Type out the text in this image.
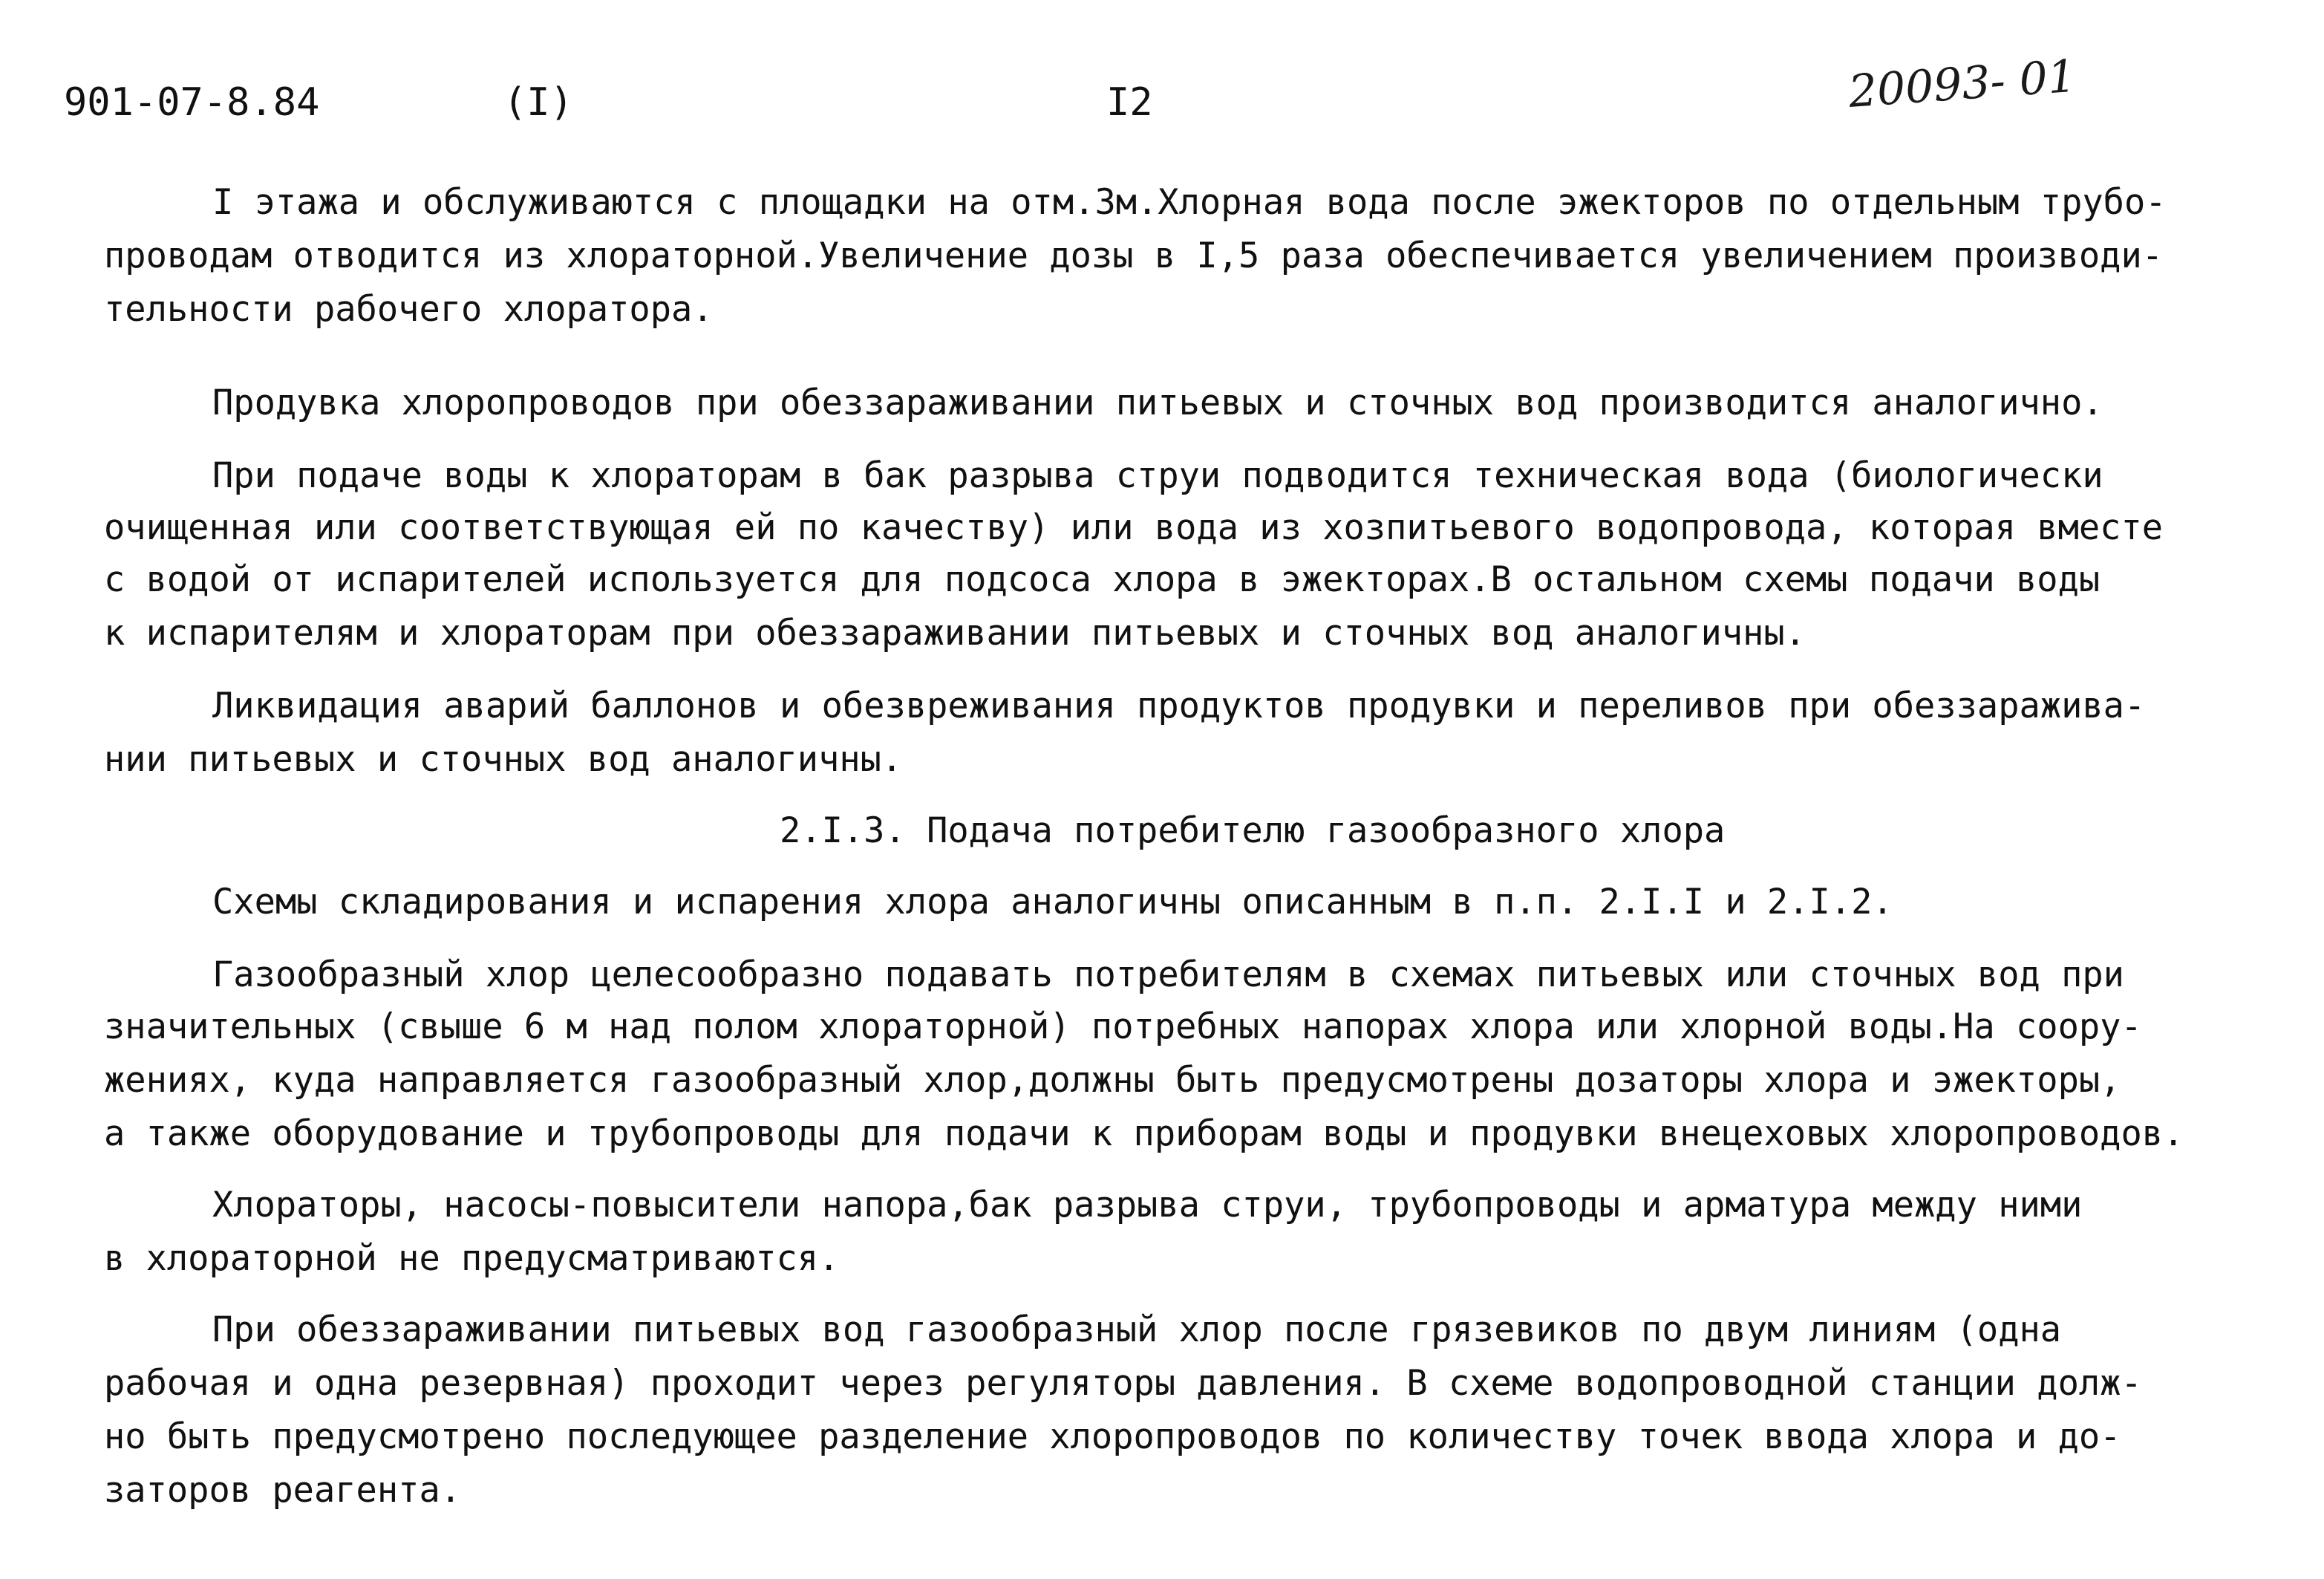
901-07-8.84	(I)	I2	20093- 01

I этажа и обслуживаются с площадки на отм.3м.Хлорная вода после эжекторов по отдельным трубо-

проводам отводится из хлораторной.Увеличение дозы в I,5 раза обеспечивается увеличением производи-

тельности рабочего хлоратора.

Продувка хлоропроводов при обеззараживании питьевых и сточных вод производится аналогично.

При подаче воды к хлораторам в бак разрыва струи подводится техническая вода (биологически

очищенная или соответствующая ей по качеству) или вода из хозпитьевого водопровода, которая вместе

с водой от испарителей используется для подсоса хлора в эжекторах.В остальном схемы подачи воды

к испарителям и хлораторам при обеззараживании питьевых и сточных вод аналогичны.

Ликвидация аварий баллонов и обезвреживания продуктов продувки и переливов при обеззаражива-

нии питьевых и сточных вод аналогичны.

2.I.3. Подача потребителю газообразного хлора

Схемы складирования и испарения хлора аналогичны описанным в п.п. 2.I.I и 2.I.2.

Газообразный хлор целесообразно подавать потребителям в схемах питьевых или сточных вод при

значительных (свыше 6 м над полом хлораторной) потребных напорах хлора или хлорной воды.На соору-

жениях, куда направляется газообразный хлор,должны быть предусмотрены дозаторы хлора и эжекторы,

а также оборудование и трубопроводы для подачи к приборам воды и продувки внецеховых хлоропроводов.

Хлораторы, насосы-повысители напора,бак разрыва струи, трубопроводы и арматура между ними

в хлораторной не предусматриваются.

При обеззараживании питьевых вод газообразный хлор после грязевиков по двум линиям (одна

рабочая и одна резервная) проходит через регуляторы давления. В схеме водопроводной станции долж-

но быть предусмотрено последующее разделение хлоропроводов по количеству точек ввода хлора и до-

заторов реагента.
